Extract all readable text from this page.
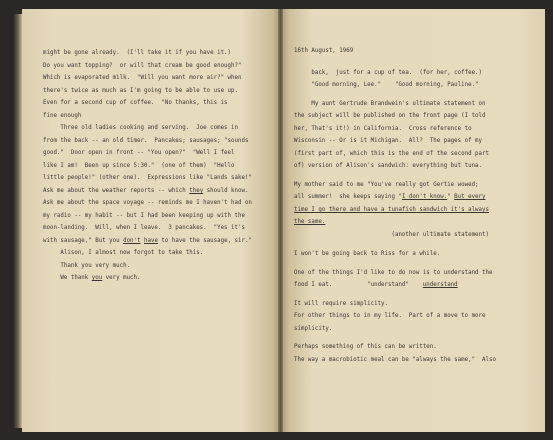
might be gone already.  (I'll take it if you have it.)
Do you want topping?  or will that cream be good enough?"
Which is evaporated milk.  "Will you want more air?" when
there's twice as much as I'm going to be able to use up.
Even for a second cup of coffee.  "No thanks, this is
fine enough
Three old ladies cooking and serving.  Joe comes in
from the back -- an old timer.  Pancakes; sausages; "sounds
good."  Door open in front -- "You open?"  "Well I feel
like I am!  Been up since 5:30."  (one of them)  "Hello
little people!" (other one).  Expressions like "Lands sake!"
Ask me about the weather reports -- which they should know.
Ask me about the space voyage -- reminds me I haven't had on
my radio -- my habit -- but I had been keeping up with the
moon-landing.  Will, when I leave.  3 pancakes.  "Yes it's
with sausage," But you don't have to have the sausage, sir."
Alison, I almost now forgot to take this.
Thank you very much.
We thank you very much.
16th August, 1969
back,  just for a cup of tea.  (for her, coffee.)
"Good morning, Lee."    "Good morning, Pauline."
My aunt Gertrude Brandwein's ultimate statement on
the subject will be published on the front page (I told
her, That's it!) in California.  Cross reference to
Wisconsin -- Or is it Michigan.  All?  The pages of my
(first part of, which this is the end of the second part
of) version of Alison's sandwich: everything but tuna.
My mother said to me "You've really got Gertie wowed;
all summer!  she keeps saying "I don't know." But every
time I go there and have a tunafish sandwich it's always
the same.
(another ultimate statement)
I won't be going back to Riss for a while.
One of the things I'd like to do now is to understand the
food I eat.          "understand"    understand
It will require simplicity.
For other things to in my life.  Part of a move to more
simplicity.
Perhaps something of this can be written.
The way a macrobiotic meal can be "always the same,"  Also
